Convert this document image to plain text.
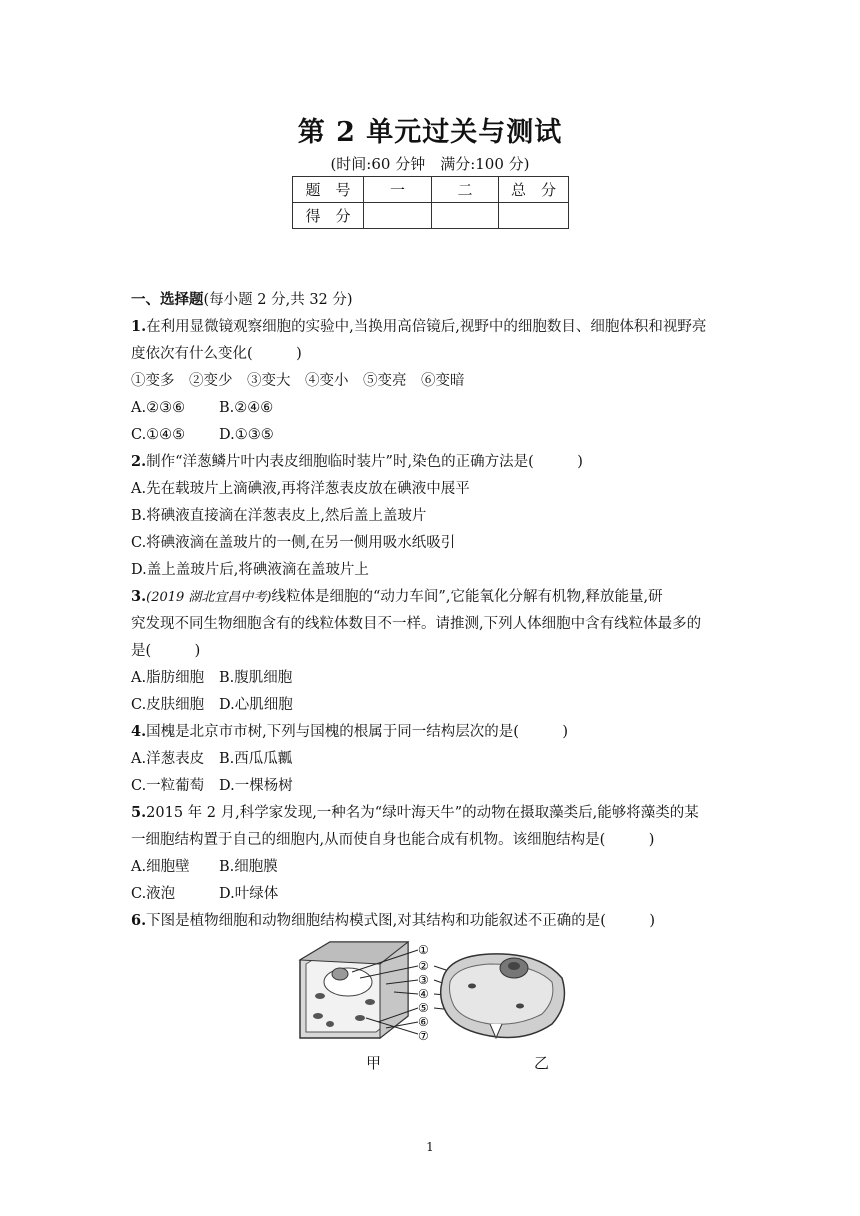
第 2 单元过关与测试
(时间:60 分钟　满分:100 分)
题　号	一	二	总　分
得　分			
一、选择题(每小题 2 分,共 32 分)
1.在利用显微镜观察细胞的实验中,当换用高倍镜后,视野中的细胞数目、细胞体积和视野亮
度依次有什么变化(　　　)
①变多　②变少　③变大　④变小　⑤变亮　⑥变暗
A.②③⑥ B.②④⑥
C.①④⑤ D.①③⑤
2.制作“洋葱鳞片叶内表皮细胞临时装片”时,染色的正确方法是(　　　)
A.先在载玻片上滴碘液,再将洋葱表皮放在碘液中展平
B.将碘液直接滴在洋葱表皮上,然后盖上盖玻片
C.将碘液滴在盖玻片的一侧,在另一侧用吸水纸吸引
D.盖上盖玻片后,将碘液滴在盖玻片上
3.(2019 湖北宜昌中考)线粒体是细胞的“动力车间”,它能氧化分解有机物,释放能量,研
究发现不同生物细胞含有的线粒体数目不一样。请推测,下列人体细胞中含有线粒体最多的
是(　　　)
A.脂肪细胞 B.腹肌细胞
C.皮肤细胞 D.心肌细胞
4.国槐是北京市市树,下列与国槐的根属于同一结构层次的是(　　　)
A.洋葱表皮 B.西瓜瓜瓤
C.一粒葡萄 D.一棵杨树
5.2015 年 2 月,科学家发现,一种名为“绿叶海天牛”的动物在摄取藻类后,能够将藻类的某
一细胞结构置于自己的细胞内,从而使自身也能合成有机物。该细胞结构是(　　　)
A.细胞壁 B.细胞膜
C.液泡	D.叶绿体
6.下图是植物细胞和动物细胞结构模式图,对其结构和功能叙述不正确的是(　　　)
①
②
③
④
⑤
⑥
⑦
甲	乙
1
